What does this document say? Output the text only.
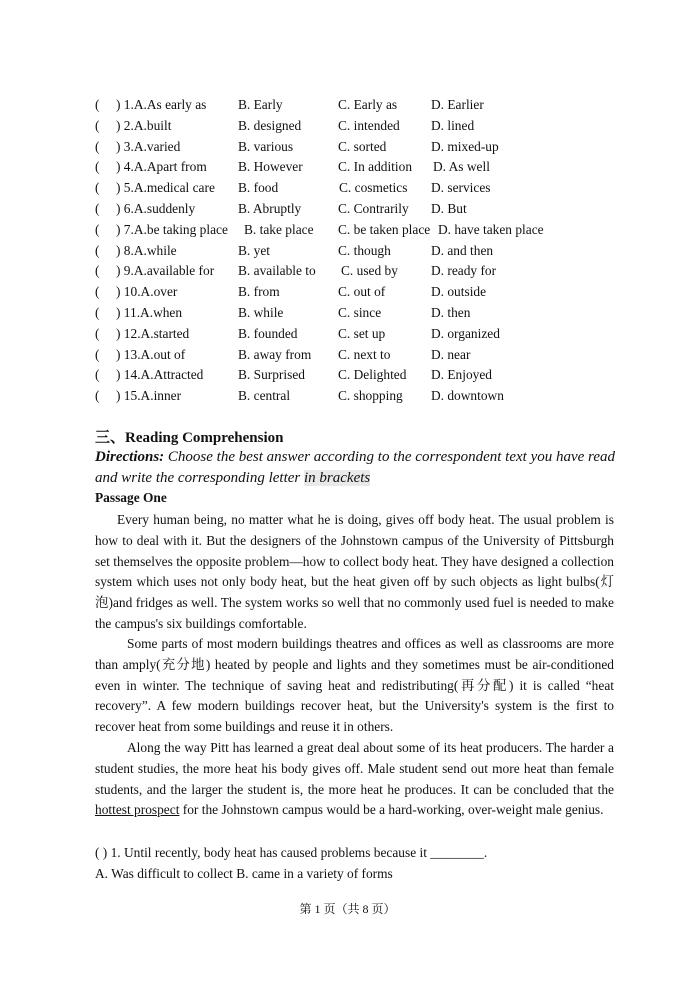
( ) 1.A.As early as B. Early	C. Early as	D. Earlier
( ) 2.A.built	B. designed	C. intended D. lined
( ) 3.A.varied	B. various	C. sorted	D. mixed-up
( ) 4.A.Apart from B. However	C. In addition D. As well
( ) 5.A.medical care B. food	C. cosmetics D. services
( ) 6.A.suddenly	B. Abruptly	C. Contrarily D. But
( ) 7.A.be taking place B. take place C. be taken place D. have taken place
( ) 8.A.while	B. yet	C. though	D. and then
( ) 9.A.available for B. available to C. used by D. ready for
( ) 10.A.over	B. from	C. out of	D. outside
( ) 11.A.when	B. while	C. since	D. then
( ) 12.A.started	B. founded	C. set up	D. organized
( ) 13.A.out of	B. away from C. next to	D. near
( ) 14.A.Attracted	B. Surprised C. Delighted D. Enjoyed
( ) 15.A.inner	B. central	C. shopping D. downtown
三、Reading Comprehension
Directions: Choose the best answer according to the correspondent text you have read and write the corresponding letter in brackets
Passage One
Every human being, no matter what he is doing, gives off body heat. The usual problem is how to deal with it. But the designers of the Johnstown campus of the University of Pittsburgh set themselves the opposite problem—how to collect body heat. They have designed a collection system which uses not only body heat, but the heat given off by such objects as light bulbs(灯泡)and fridges as well. The system works so well that no commonly used fuel is needed to make the campus's six buildings comfortable.
Some parts of most modern buildings theatres and offices as well as classrooms are more than amply(充分地) heated by people and lights and they sometimes must be air-conditioned even in winter. The technique of saving heat and redistributing(再分配) it is called “heat recovery”. A few modern buildings recover heat, but the University's system is the first to recover heat from some buildings and reuse it in others.
Along the way Pitt has learned a great deal about some of its heat producers. The harder a student studies, the more heat his body gives off. Male student send out more heat than female students, and the larger the student is, the more heat he produces. It can be concluded that the hottest prospect for the Johnstown campus would be a hard-working, over-weight male genius.
( ) 1. Until recently, body heat has caused problems because it ________.
A. Was difficult to collect B. came in a variety of forms
第 1 页（共 8 页）
